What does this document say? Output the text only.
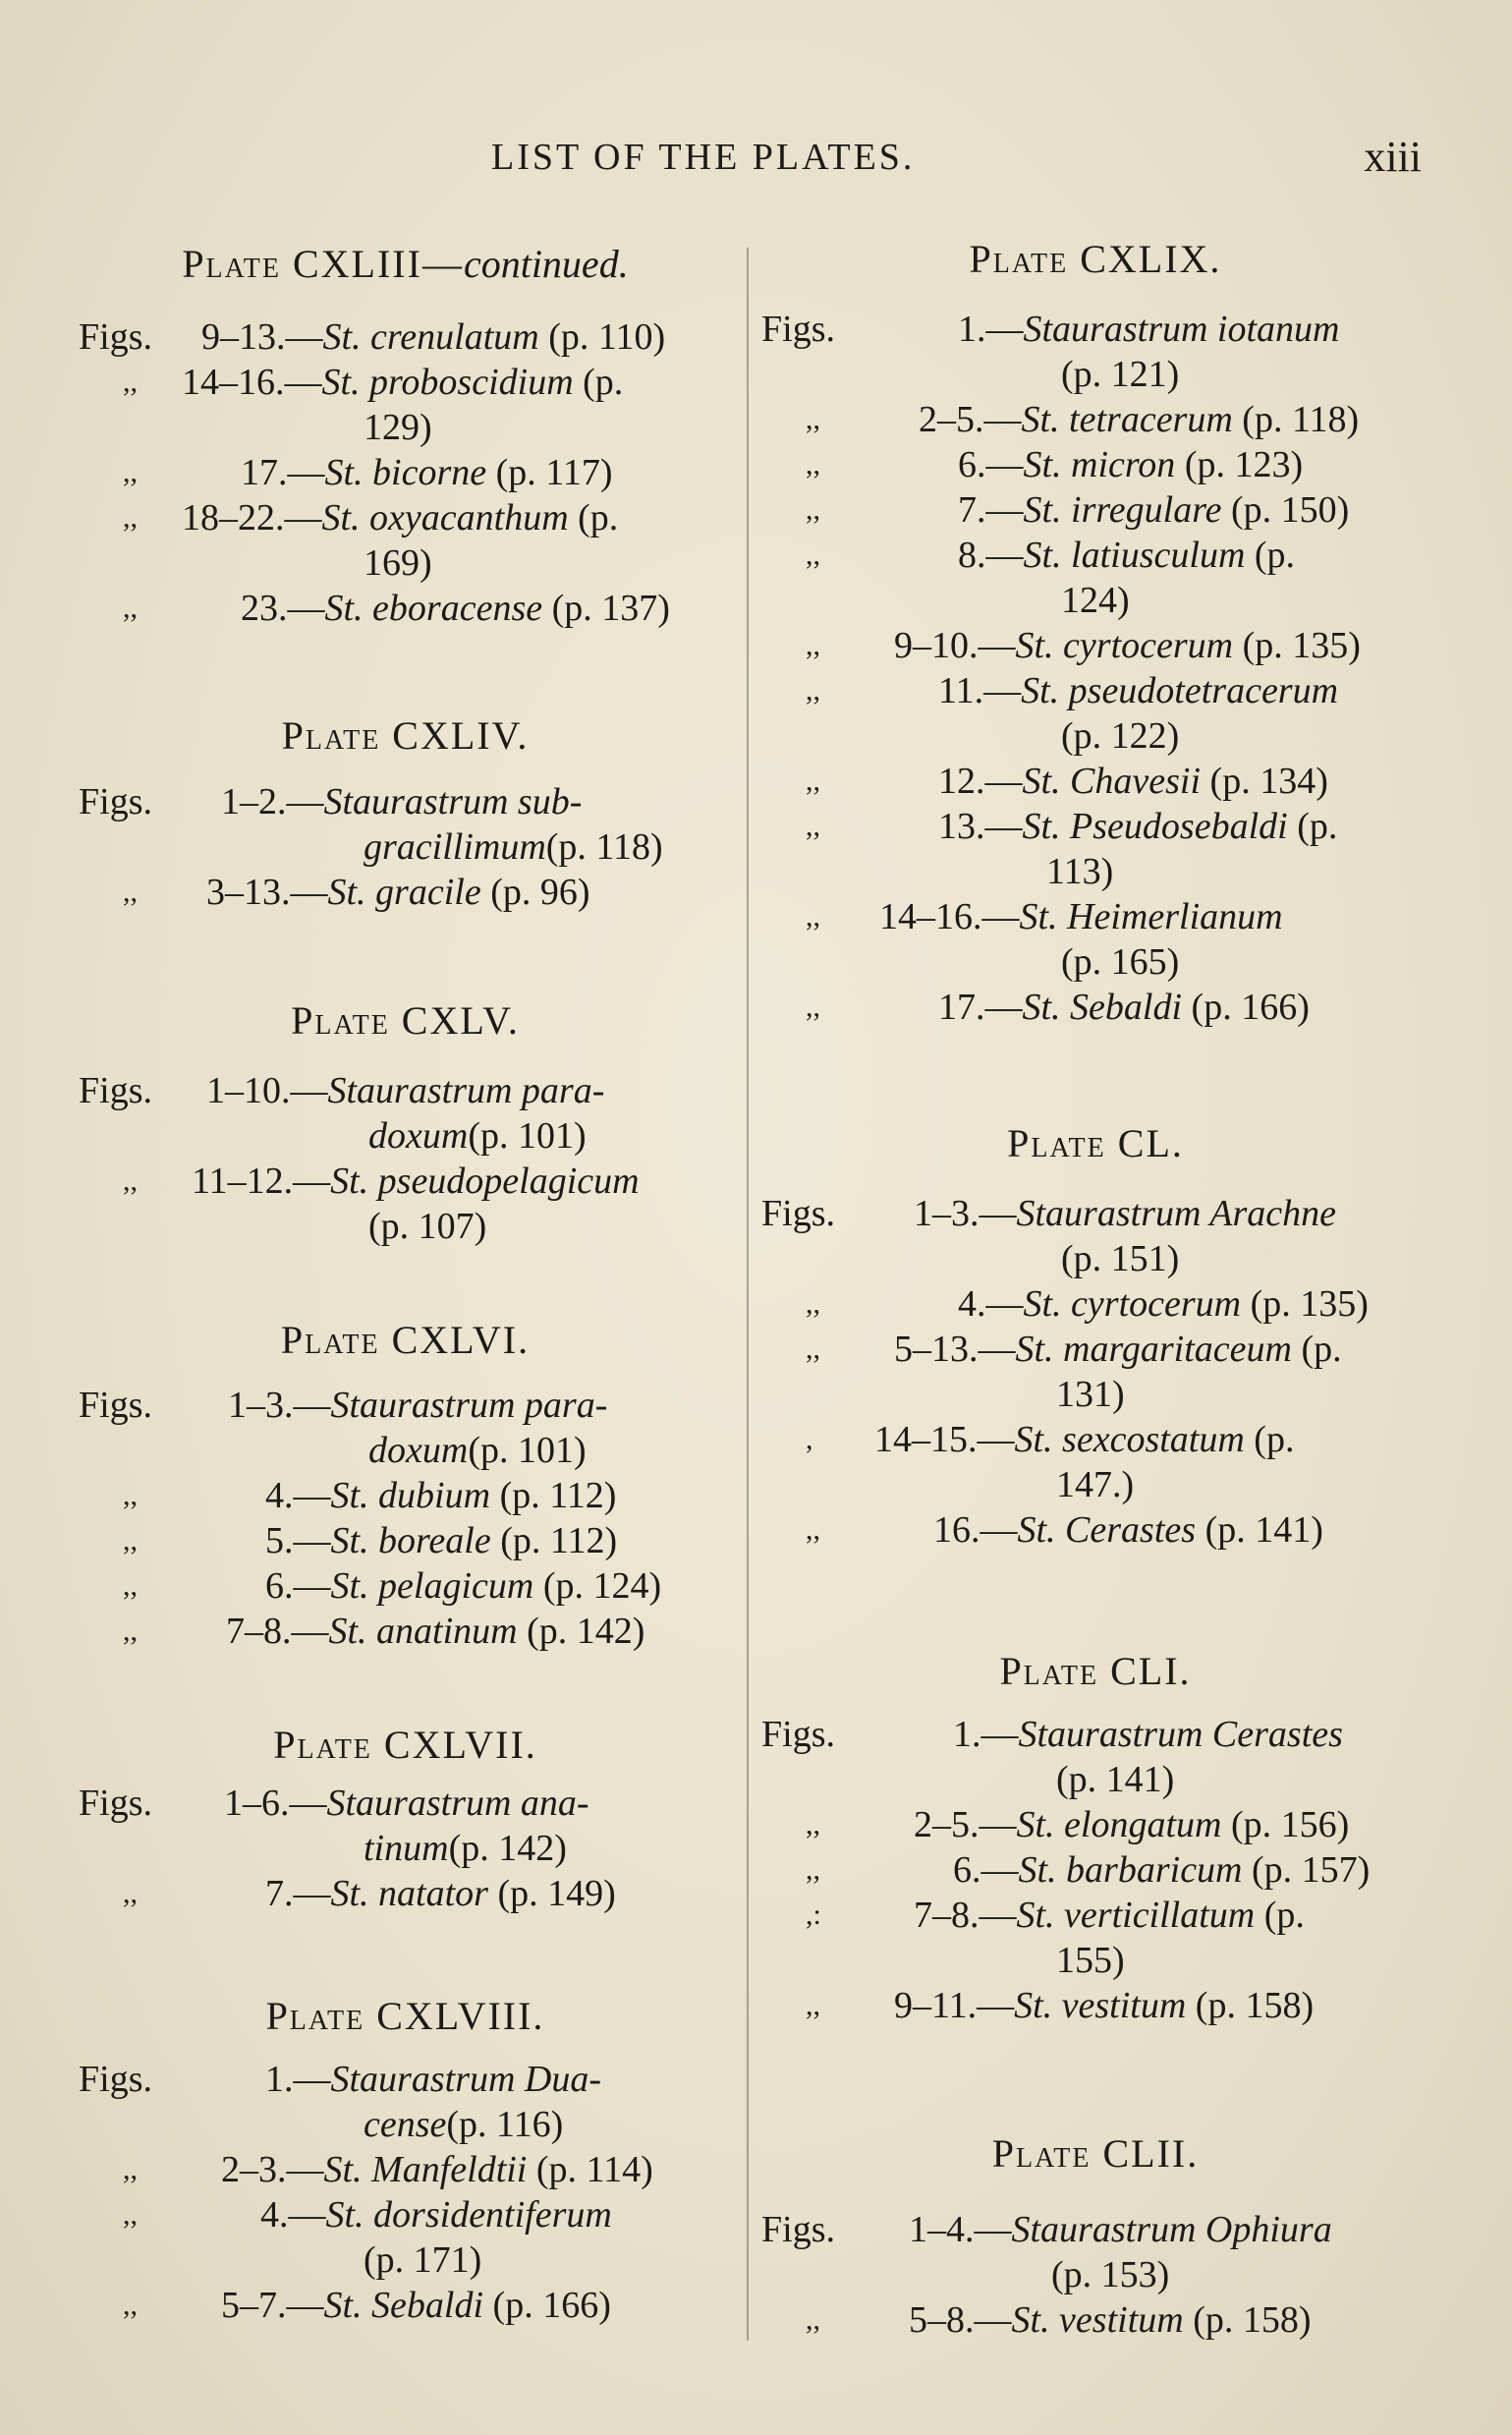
LIST OF THE PLATES.	xiii
Plate CXLIII—continued.
Figs. 9–13.—St. crenulatum (p. 110)
,, 14–16.—St. proboscidium (p.
129)
,,	17.—St. bicorne (p. 117)
,, 18–22.—St. oxyacanthum (p.
169)
,,	23.—St. eboracense (p. 137)
Plate CXLIV.
Figs. 1–2.—Staurastrum sub-
gracillimum (p. 118)
,, 3–13.—St. gracile (p. 96)
Plate CXLV.
Figs. 1–10.—Staurastrum para-
doxum (p. 101)
,, 11–12.—St. pseudopelagicum
(p. 107)
Plate CXLVI.
Figs. 1–3.—Staurastrum para-
doxum (p. 101)
,,	4.—St. dubium (p. 112)
,,	5.—St. boreale (p. 112)
,,	6.—St. pelagicum (p. 124)
,, 7–8.—St. anatinum (p. 142)
Plate CXLVII.
Figs. 1–6.—Staurastrum ana-
tinum (p. 142)
,,	7.—St. natator (p. 149)
Plate CXLVIII.
Figs.	1.—Staurastrum Dua-
cense (p. 116)
,, 2–3.—St. Manfeldtii (p. 114)
,,	4.—St. dorsidentiferum
(p. 171)
,, 5–7.—St. Sebaldi (p. 166)
Plate CXLIX.
Figs.	1.—Staurastrum iotanum
(p. 121)
,,	2–5.—St. tetracerum (p. 118)
,,	6.—St. micron (p. 123)
,,	7.—St. irregulare (p. 150)
,,	8.—St. latiusculum (p.
124)
,, 9–10.—St. cyrtocerum (p. 135)
,,	11.—St. pseudotetracerum
(p. 122)
,,	12.—St. Chavesii (p. 134)
,,	13.—St. Pseudosebaldi (p.
113)
,, 14–16.—St. Heimerlianum
(p. 165)
,,	17.—St. Sebaldi (p. 166)
Plate CL.
Figs. 1–3.—Staurastrum Arachne
(p. 151)
,,	4.—St. cyrtocerum (p. 135)
,, 5–13.—St. margaritaceum (p.
131)
, 14–15.—St. sexcostatum (p.
147.)
,,	16.—St. Cerastes (p. 141)
Plate CLI.
Figs.	1.—Staurastrum Cerastes
(p. 141)
,,	2–5.—St. elongatum (p. 156)
,,	6.—St. barbaricum (p. 157)
,: 7–8.—St. verticillatum (p.
155)
,, 9–11.—St. vestitum (p. 158)
Plate CLII.
Figs. 1–4.—Staurastrum Ophiura
(p. 153)
,, 5–8.—St. vestitum (p. 158)
